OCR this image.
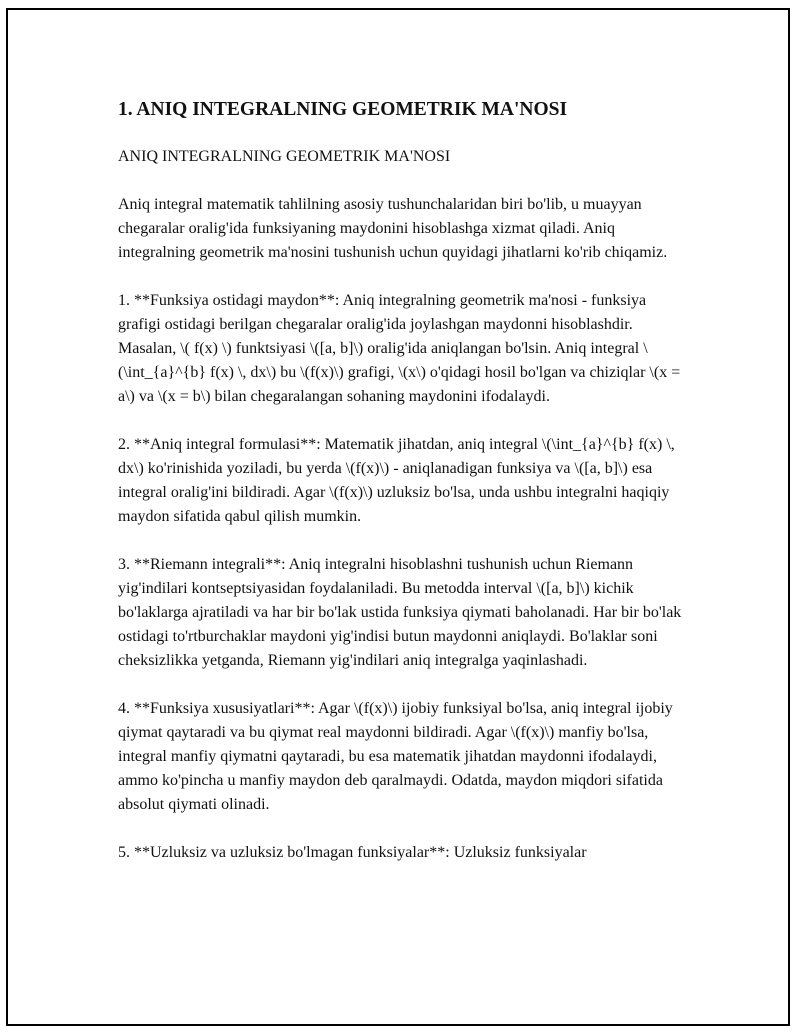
1. ANIQ INTEGRALNING GEOMETRIK MA'NOSI

ANIQ INTEGRALNING GEOMETRIK MA'NOSI

Aniq integral matematik tahlilning asosiy tushunchalaridan biri bo'lib, u muayyan chegaralar oralig'ida funksiyaning maydonini hisoblashga xizmat qiladi. Aniq integralning geometrik ma'nosini tushunish uchun quyidagi jihatlarni ko'rib chiqamiz.

1. **Funksiya ostidagi maydon**: Aniq integralning geometrik ma'nosi - funksiya grafigi ostidagi berilgan chegaralar oralig'ida joylashgan maydonni hisoblashdir. Masalan, \( f(x) \) funktsiyasi \([a, b]\) oralig'ida aniqlangan bo'lsin. Aniq integral \(\int_{a}^{b} f(x) \, dx\) bu \(f(x)\) grafigi, \(x\) o'qidagi hosil bo'lgan va chiziqlar \(x = a\) va \(x = b\) bilan chegaralangan sohaning maydonini ifodalaydi.

2. **Aniq integral formulasi**: Matematik jihatdan, aniq integral \(\int_{a}^{b} f(x) \, dx\) ko'rinishida yoziladi, bu yerda \(f(x)\) - aniqlanadigan funksiya va \([a, b]\) esa integral oralig'ini bildiradi. Agar \(f(x)\) uzluksiz bo'lsa, unda ushbu integralni haqiqiy maydon sifatida qabul qilish mumkin.

3. **Riemann integrali**: Aniq integralni hisoblashni tushunish uchun Riemann yig'indilari kontseptsiyasidan foydalaniladi. Bu metodda interval \([a, b]\) kichik bo'laklarga ajratiladi va har bir bo'lak ustida funksiya qiymati baholanadi. Har bir bo'lak ostidagi to'rtburchaklar maydoni yig'indisi butun maydonni aniqlaydi. Bo'laklar soni cheksizlikka yetganda, Riemann yig'indilari aniq integralga yaqinlashadi.

4. **Funksiya xususiyatlari**: Agar \(f(x)\) ijobiy funksiyal bo'lsa, aniq integral ijobiy qiymat qaytaradi va bu qiymat real maydonni bildiradi. Agar \(f(x)\) manfiy bo'lsa, integral manfiy qiymatni qaytaradi, bu esa matematik jihatdan maydonni ifodalaydi, ammo ko'pincha u manfiy maydon deb qaralmaydi. Odatda, maydon miqdori sifatida absolut qiymati olinadi.

5. **Uzluksiz va uzluksiz bo'lmagan funksiyalar**: Uzluksiz funksiyalar
